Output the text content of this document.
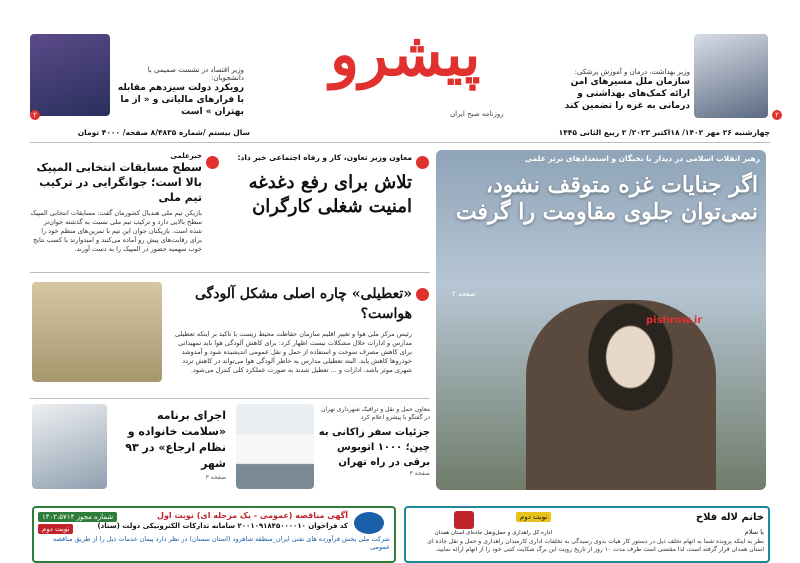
وزیر بهداشت، درمان و آموزش پزشکی:
سازمان ملل مسیرهای امن ارائه کمک‌های بهداشتی و درمانی به غزه را تضمین کند
۲
پیشرو
روزنامه صبح ایران
وزیر اقتصاد در نشست صمیمی با دانشجویان:
رویکرد دولت سیزدهم مقابله با فرارهای مالیاتی و « از ما بهتران » است
۲
چهارشنبه ۲۶ مهر ۱۴۰۲/ ۱۸اکتبر ۲۰۲۳/ ۲ ربیع الثانی ۱۴۴۵
سال بیستم /شماره ۸/۴۸۳۵ صفحه/ ۴۰۰۰ تومان
رهبر انقلاب اسلامی در دیدار با نخبگان و استعدادهای برتر علمی
اگر جنایات غزه متوقف نشود، نمی‌توان جلوی مقاومت را گرفت
صفحه ۲
pishrow.ir
معاون وزیر تعاون، کار و رفاه اجتماعی خبر داد:
تلاش برای رفع دغدغه امنیت شغلی کارگران
خبرعلمی
سطح مسابقات انتخابی المپیک بالا است؛ جوانگرایی در ترکیب تیم ملی
بازیکن تیم ملی هندبال کشورمان گفت: مسابقات انتخابی المپیک سطح بالایی دارد و ترکیب تیم ملی نسبت به گذشته جوان‌تر شده است. بازیکنان جوان این تیم با تمرین‌های منظم خود را برای رقابت‌های پیش رو آماده می‌کنند و امیدوارند با کسب نتایج خوب سهمیه حضور در المپیک را به دست آورند.
«تعطیلی» چاره اصلی مشکل آلودگی هواست؟
رئیس مرکز ملی هوا و تغییر اقلیم سازمان حفاظت محیط زیست با تاکید بر اینکه تعطیلی مدارس و ادارات حلال مشکلات نیست اظهار کرد: برای کاهش آلودگی هوا باید تمهیداتی برای کاهش مصرف سوخت و استفاده از حمل و نقل عمومی اندیشیده شود و آمدوشد خودروها کاهش یابد. البته تعطیلی مدارس به خاطر آلودگی هوا می‌تواند در کاهش تردد شهری موثر باشد، ادارات و ... تعطیل شدند به صورت عملکرد کلی کنترل می‌شود.
اجرای برنامه «سلامت خانواده و نظام ارجاع» در ۹۳ شهر
صفحه ۳
معاون حمل و نقل و ترافیک شهرداری تهران در گفتگو با پیشرو اعلام کرد
جزئیات سفر زاکانی به چین؛ ۱۰۰۰ اتوبوس برقی در راه تهران
صفحه ۳
آگهی مناقصه (عمومی - یک مرحله ای) نوبت اول
کد فراخوان ۲۰۰۱۰۹۱۸۴۵۰۰۰۰۱۰ سامانه تدارکات الکترونیکی دولت (ستاد)
شرکت ملی پخش فرآورده های نفتی ایران_منطقه شاهرود (استان سمنان) در نظر دارد پیمان خدمات ذیل را از طریق مناقصه عمومی
شماره مجوز ۱۴۰۲،۵۷۱۴
نوبت دوم
خانم لاله فلاح
نوبت دوم
اداره کل راهداری و حمل‌ونقل جاده‌ای استان همدان	با سلام
نظر به اینکه پرونده شما به اتهام تخلف ذیل در دستور کار هیات بدوی رسیدگی به تخلفات اداری کارمندان راهداری و حمل و نقل جاده ای استان همدان قرار گرفته است، لذا مقتضی است ظرف مدت ۱۰ روز از تاریخ رویت این برگ شکایت کتبی خود را از اتهام ارائه نمایید.
